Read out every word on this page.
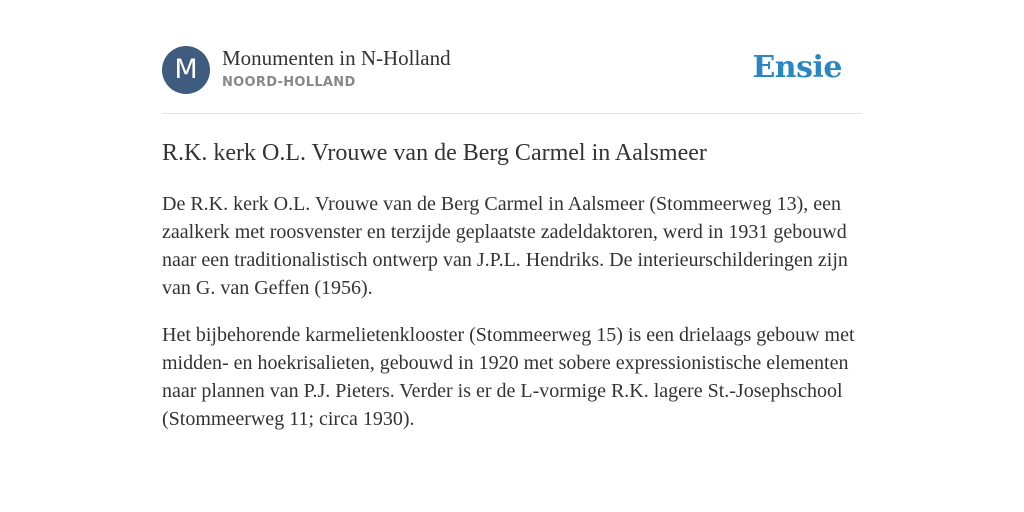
M	Monumenten in N-Holland
NOORD-HOLLAND	Ensie
R.K. kerk O.L. Vrouwe van de Berg Carmel in Aalsmeer

De R.K. kerk O.L. Vrouwe van de Berg Carmel in Aalsmeer (Stommeerweg 13), een zaalkerk met roosvenster en terzijde geplaatste zadeldaktoren, werd in 1931 gebouwd naar een traditionalistisch ontwerp van J.P.L. Hendriks. De interieurschilderingen zijn van G. van Geffen (1956).

Het bijbehorende karmelietenklooster (Stommeerweg 15) is een drielaags gebouw met midden- en hoekrisalieten, gebouwd in 1920 met sobere expressionistische elementen naar plannen van P.J. Pieters. Verder is er de L-vormige R.K. lagere St.-Josephschool (Stommeerweg 11; circa 1930).
